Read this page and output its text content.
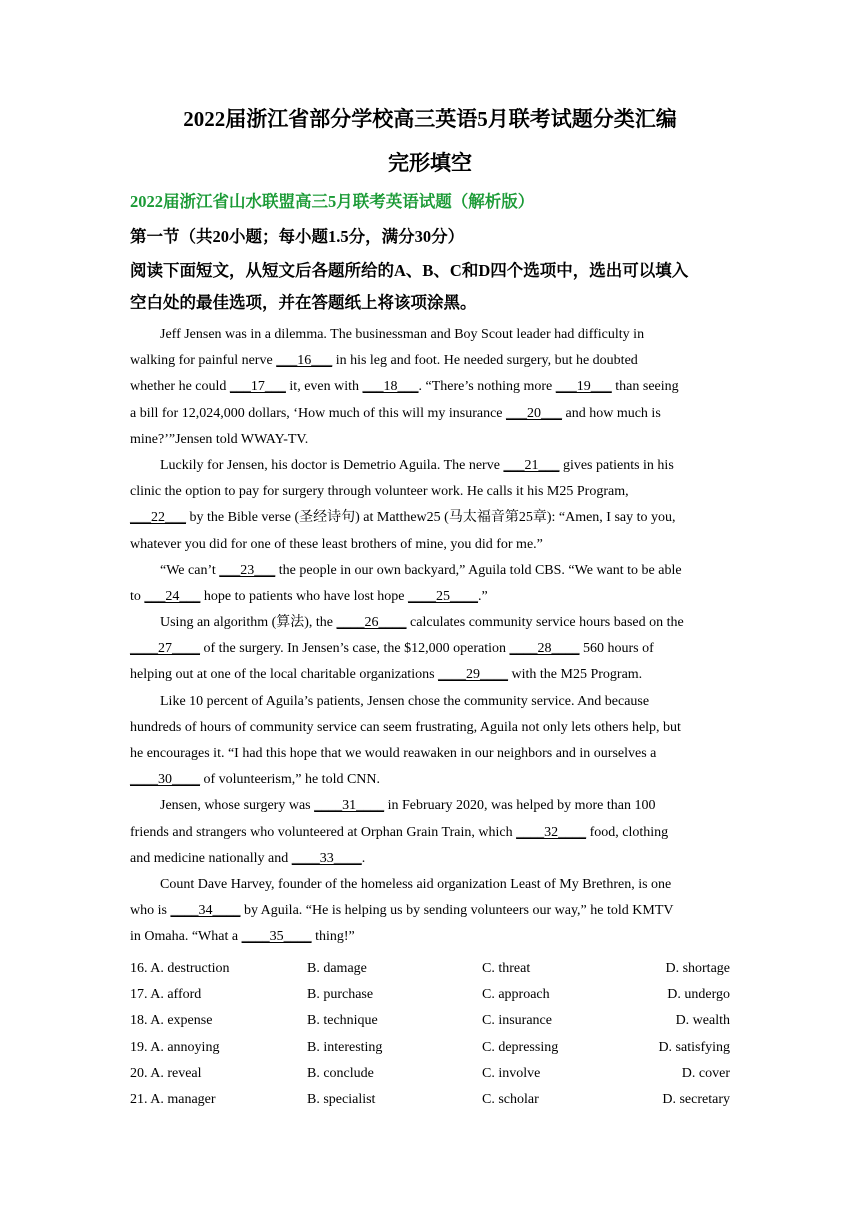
2022届浙江省部分学校高三英语5月联考试题分类汇编
完形填空
2022届浙江省山水联盟高三5月联考英语试题（解析版）
第一节（共20小题；每小题1.5分，满分30分）
阅读下面短文，从短文后各题所给的A、B、C和D四个选项中，选出可以填入
空白处的最佳选项，并在答题纸上将该项涂黑。
Jeff Jensen was in a dilemma. The businessman and Boy Scout leader had difficulty in
walking for painful nerve ___16___ in his leg and foot. He needed surgery, but he doubted
whether he could ___17___ it, even with ___18___. “There’s nothing more ___19___ than seeing
a bill for 12,024,000 dollars, ‘How much of this will my insurance ___20___ and how much is
mine?’”Jensen told WWAY-TV.
Luckily for Jensen, his doctor is Demetrio Aguila. The nerve ___21___ gives patients in his
clinic the option to pay for surgery through volunteer work. He calls it his M25 Program,
___22___ by the Bible verse (圣经诗句) at Matthew25 (马太福音第25章): “Amen, I say to you,
whatever you did for one of these least brothers of mine, you did for me.”
“We can’t ___23___ the people in our own backyard,” Aguila told CBS. “We want to be able
to ___24___ hope to patients who have lost hope ____25____.”
Using an algorithm (算法), the ____26____ calculates community service hours based on the
____27____ of the surgery. In Jensen’s case, the $12,000 operation ____28____ 560 hours of
helping out at one of the local charitable organizations ____29____ with the M25 Program.
Like 10 percent of Aguila’s patients, Jensen chose the community service. And because
hundreds of hours of community service can seem frustrating, Aguila not only lets others help, but
he encourages it. “I had this hope that we would reawaken in our neighbors and in ourselves a
____30____ of volunteerism,” he told CNN.
Jensen, whose surgery was ____31____ in February 2020, was helped by more than 100
friends and strangers who volunteered at Orphan Grain Train, which ____32____ food, clothing
and medicine nationally and ____33____.
Count Dave Harvey, founder of the homeless aid organization Least of My Brethren, is one
who is ____34____ by Aguila. “He is helping us by sending volunteers our way,” he told KMTV
in Omaha. “What a ____35____ thing!”
16. A. destruction	B. damage	C. threat	D. shortage
17. A. afford	B. purchase	C. approach	D. undergo
18. A. expense	B. technique	C. insurance	D. wealth
19. A. annoying	B. interesting	C. depressing	D. satisfying
20. A. reveal	B. conclude	C. involve	D. cover
21. A. manager	B. specialist	C. scholar	D. secretary
